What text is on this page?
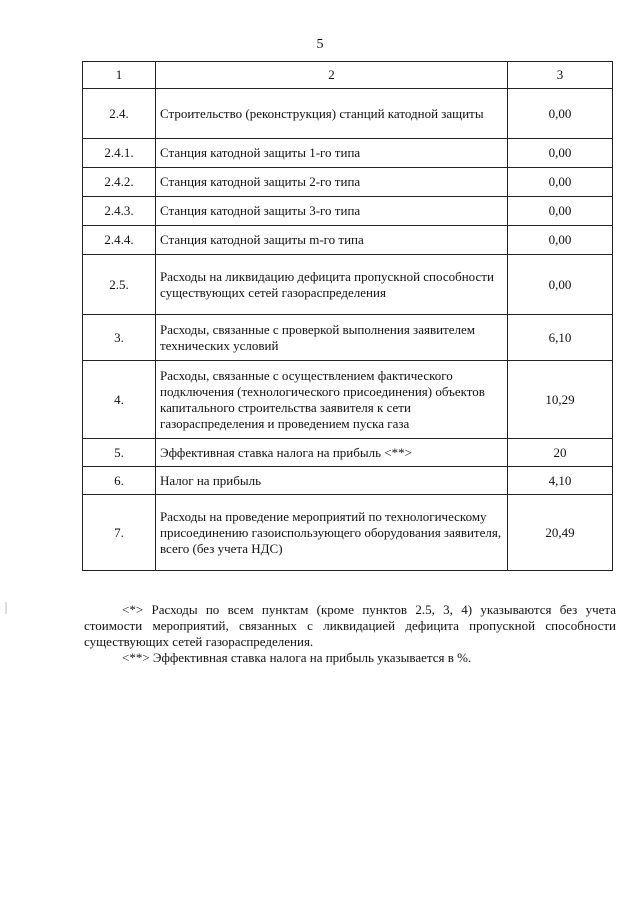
5
1	2	3
2.4.	Строительство (реконструкция) станций катодной защиты	0,00
2.4.1.	Станция катодной защиты 1-го типа	0,00
2.4.2.	Станция катодной защиты 2-го типа	0,00
2.4.3.	Станция катодной защиты 3-го типа	0,00
2.4.4.	Станция катодной защиты m-го типа	0,00
2.5.	Расходы на ликвидацию дефицита пропускной способности существующих сетей газораспределения	0,00
3.	Расходы, связанные с проверкой выполнения заявителем технических условий	6,10
4.	Расходы, связанные с осуществлением фактического подключения (технологического присоединения) объектов капитального строительства заявителя к сети газораспределения и проведением пуска газа	10,29
5.	Эффективная ставка налога на прибыль <**>	20
6.	Налог на прибыль	4,10
7.	Расходы на проведение мероприятий по технологическому присоединению газоиспользующего оборудования заявителя, всего (без учета НДС)	20,49

<*> Расходы по всем пунктам (кроме пунктов 2.5, 3, 4) указываются без учета стоимости мероприятий, связанных с ликвидацией дефицита пропускной способности существующих сетей газораспределения.

<**> Эффективная ставка налога на прибыль указывается в %.
